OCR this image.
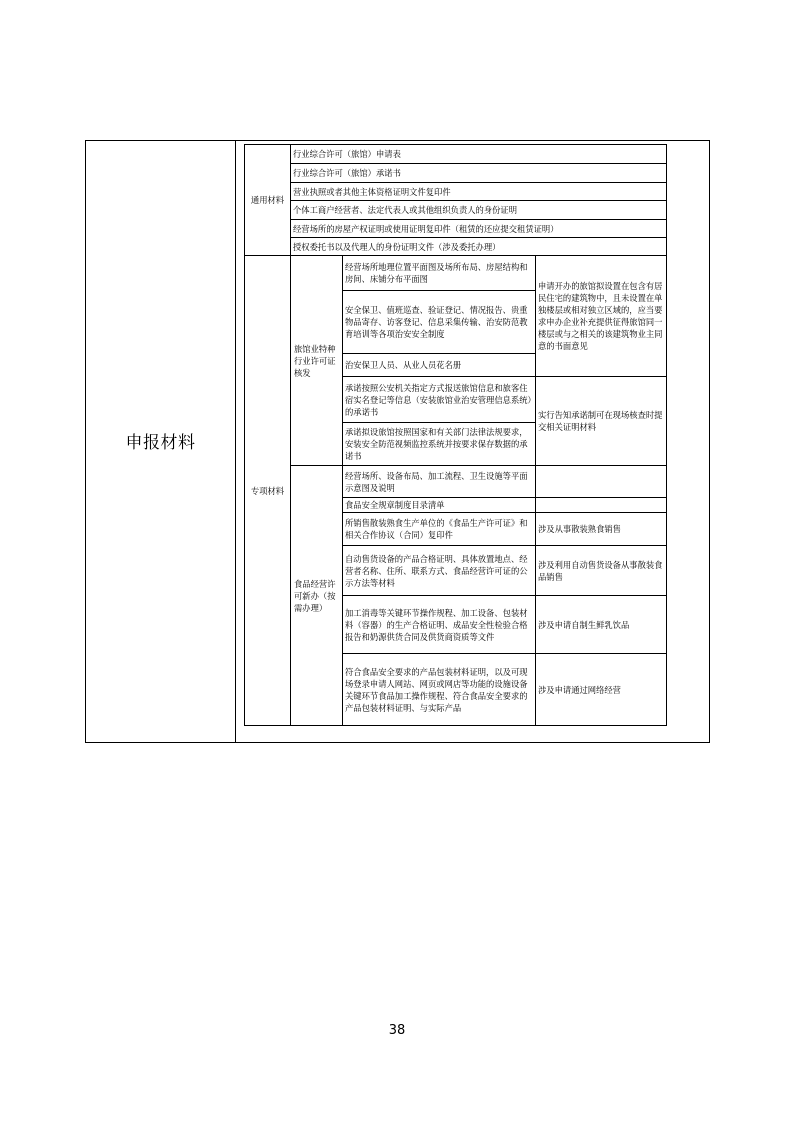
申报材料
通用材料	行业综合许可（旅馆）申请表		
	行业综合许可（旅馆）承诺书		
	营业执照或者其他主体资格证明文件复印件		
	个体工商户经营者、法定代表人或其他组织负责人的身份证明		
	经营场所的房屋产权证明或使用证明复印件（租赁的还应提交租赁证明）		
	授权委托书以及代理人的身份证明文件（涉及委托办理）		
专项材料	旅馆业特种行业许可证核发	经营场所地理位置平面图及场所布局、房屋结构和房间、床铺分布平面图	申请开办的旅馆拟设置在包含有居民住宅的建筑物中，且未设置在单独楼层或相对独立区域的，应当要求申办企业补充提供征得旅馆同一楼层或与之相关的该建筑物业主同意的书面意见
		安全保卫、值班巡查、验证登记、情况报告、贵重物品寄存、访客登记、信息采集传输、治安防范教育培训等各项治安安全制度	
		治安保卫人员、从业人员花名册	
		承诺按照公安机关指定方式报送旅馆信息和旅客住宿实名登记等信息（安装旅馆业治安管理信息系统）的承诺书	实行告知承诺制可在现场核查时提交相关证明材料
		承诺拟设旅馆按照国家和有关部门法律法规要求，安装安全防范视频监控系统并按要求保存数据的承诺书	
	食品经营许可新办（按需办理）	经营场所、设备布局、加工流程、卫生设施等平面示意图及说明	
		食品安全规章制度目录清单	
		所销售散装熟食生产单位的《食品生产许可证》和相关合作协议（合同）复印件	涉及从事散装熟食销售
		自动售货设备的产品合格证明、具体放置地点、经营者名称、住所、联系方式、食品经营许可证的公示方法等材料	涉及利用自动售货设备从事散装食品销售
		加工消毒等关键环节操作规程、加工设备、包装材料（容器）的生产合格证明、成品安全性检验合格报告和奶源供货合同及供货商资质等文件	涉及申请自制生鲜乳饮品
		符合食品安全要求的产品包装材料证明，以及可现场登录申请人网站、网页或网店等功能的设施设备关键环节食品加工操作规程、符合食品安全要求的产品包装材料证明、与实际产品	涉及申请通过网络经营
38
